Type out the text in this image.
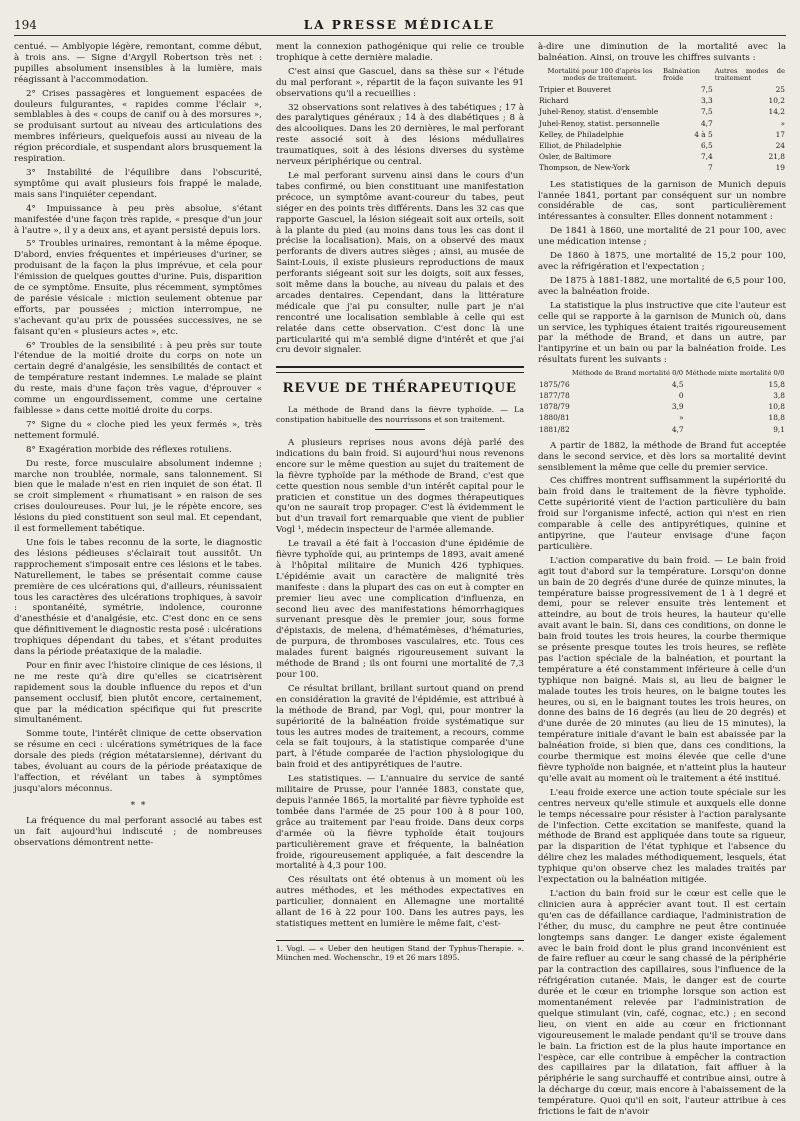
194	LA PRESSE MÉDICALE

centué. — Amblyopie légère, remontant, comme début, à trois ans. — Signe d'Argyll Robertson très net : pupilles absolument insensibles à la lumière, mais réagissant à l'accommodation.

2° Crises passagères et longuement espacées de douleurs fulgurantes, « rapides comme l'éclair », semblables à des « coups de canif ou à des morsures », se produisant surtout au niveau des articulations des membres inférieurs, quelquefois aussi au niveau de la région précordiale, et suspendant alors brusquement la respiration.

3° Instabilité de l'équilibre dans l'obscurité, symptôme qui avait plusieurs fois frappé le malade, mais sans l'inquiéter cependant.

4° Impuissance à peu près absolue, s'étant manifestée d'une façon très rapide, « presque d'un jour à l'autre », il y a deux ans, et ayant persisté depuis lors.

5° Troubles urinaires, remontant à la même époque. D'abord, envies fréquentes et impérieuses d'uriner, se produisant de la façon la plus imprévue, et cela pour l'émission de quelques gouttes d'urine. Puis, disparition de ce symptôme. Ensuite, plus récemment, symptômes de parésie vésicale : miction seulement obtenue par efforts, par poussées ; miction interrompue, ne s'achevant qu'au prix de poussées successives, ne se faisant qu'en « plusieurs actes », etc.

6° Troubles de la sensibilité : à peu près sur toute l'étendue de la moitié droite du corps on note un certain degré d'analgésie, les sensibilités de contact et de température restant indemnes. Le malade se plaint du reste, mais d'une façon très vague, d'éprouver « comme un engourdissement, comme une certaine faiblesse » dans cette moitié droite du corps.

7° Signe du « cloche pied les yeux fermés », très nettement formulé.

8° Exagération morbide des réflexes rotuliens.

Du reste, force musculaire absolument indemne ; marche non troublée, normale, sans talonnement. Si bien que le malade n'est en rien inquiet de son état. Il se croit simplement « rhumatisant » en raison de ses crises douloureuses. Pour lui, je le répète encore, ses lésions du pied constituent son seul mal. Et cependant, il est formellement tabétique.

Une fois le tabes reconnu de la sorte, le diagnostic des lésions pédieuses s'éclairait tout aussitôt. Un rapprochement s'imposait entre ces lésions et le tabes. Naturellement, le tabes se présentait comme cause première de ces ulcérations qui, d'ailleurs, réunissaient tous les caractères des ulcérations trophiques, à savoir : spontanéité, symétrie, indolence, couronne d'anesthésie et d'analgésie, etc. C'est donc en ce sens que définitivement le diagnostic resta posé : ulcérations trophiques dépendant du tabes, et s'étant produites dans la période préataxique de la maladie.

Pour en finir avec l'histoire clinique de ces lésions, il ne me reste qu'à dire qu'elles se cicatrisèrent rapidement sous la double influence du repos et d'un pansement occlusif, bien plutôt encore, certainement, que par la médication spécifique qui fut prescrite simultanément.

Somme toute, l'intérêt clinique de cette observation se résume en ceci : ulcérations symétriques de la face dorsale des pieds (région métatarsienne), dérivant du tabes, évoluant au cours de la période préataxique de l'affection, et révélant un tabes à symptômes jusqu'alors méconnus.

*  *

La fréquence du mal perforant associé au tabes est un fait aujourd'hui indiscuté ; de nombreuses observations démontrent nette-

ment la connexion pathogénique qui relie ce trouble trophique à cette dernière maladie.

C'est ainsi que Gascuel, dans sa thèse sur « l'étude du mal perforant », répartit de la façon suivante les 91 observations qu'il a recueillies :

32 observations sont relatives à des tabétiques ; 17 à des paralytiques généraux ; 14 à des diabétiques ; 8 à des alcooliques. Dans les 20 dernières, le mal perforant reste associé soit à des lésions médullaires traumatiques, soit à des lésions diverses du système nerveux périphérique ou central.

Le mal perforant survenu ainsi dans le cours d'un tabes confirmé, ou bien constituant une manifestation précoce, un symptôme avant-coureur du tabes, peut siéger en des points très différents. Dans les 32 cas que rapporte Gascuel, la lésion siégeait soit aux orteils, soit à la plante du pied (au moins dans tous les cas dont il précise la localisation). Mais, on a observé des maux perforants de divers autres sièges ; ainsi, au musée de Saint-Louis, il existe plusieurs reproductions de maux perforants siégeant soit sur les doigts, soit aux fesses, soit même dans la bouche, au niveau du palais et des arcades dentaires. Cependant, dans la littérature médicale que j'ai pu consulter, nulle part je n'ai rencontré une localisation semblable à celle qui est relatée dans cette observation. C'est donc là une particularité qui m'a semblé digne d'intérêt et que j'ai cru devoir signaler.

REVUE DE THÉRAPEUTIQUE

La méthode de Brand dans la fièvre typhoïde. — La constipation habituelle des nourrissons et son traitement.

A plusieurs reprises nous avons déjà parlé des indications du bain froid. Si aujourd'hui nous revenons encore sur le même question au sujet du traitement de la fièvre typhoïde par la méthode de Brand, c'est que cette question nous semble d'un intérêt capital pour le praticien et constitue un des dogmes thérapeutiques qu'on ne saurait trop propager. C'est là évidemment le but d'un travail fort remarquable que vient de publier Vogl ¹, médecin inspecteur de l'armée allemande.

Le travail a été fait à l'occasion d'une épidémie de fièvre typhoïde qui, au printemps de 1893, avait amené à l'hôpital militaire de Munich 426 typhiques. L'épidémie avait un caractère de malignité très manifeste : dans la plupart des cas on eut à compter en premier lieu avec une complication d'influenza, en second lieu avec des manifestations hémorrhagiques survenant presque dès le premier jour, sous forme d'épistaxis, de melena, d'hématémèses, d'hématuries, de purpura, de thromboses vasculaires, etc. Tous ces malades furent baignés rigoureusement suivant la méthode de Brand ; ils ont fourni une mortalité de 7,3 pour 100.

Ce résultat brillant, brillant surtout quand on prend en considération la gravité de l'épidémie, est attribué à la méthode de Brand, par Vogl, qui, pour montrer la supériorité de la balnéation froide systématique sur tous les autres modes de traitement, a recours, comme cela se fait toujours, à la statistique comparée d'une part, à l'étude comparée de l'action physiologique du bain froid et des antipyrétiques de l'autre.

Les statistiques. — L'annuaire du service de santé militaire de Prusse, pour l'année 1883, constate que, depuis l'année 1865, la mortalité par fièvre typhoïde est tombée dans l'armée de 25 pour 100 à 8 pour 100, grâce au traitement par l'eau froide. Dans deux corps d'armée où la fièvre typhoïde était toujours particulièrement grave et fréquente, la balnéation froide, rigoureusement appliquée, a fait descendre la mortalité à 4,3 pour 100.

Ces résultats ont été obtenus à un moment où les autres méthodes, et les méthodes expectatives en particulier, donnaient en Allemagne une mortalité allant de 16 à 22 pour 100. Dans les autres pays, les statistiques mettent en lumière le même fait, c'est-

1. Vogl. — « Ueber den heutigen Stand der Typhus-Therapie. ». München med. Wochenschr., 19 et 26 mars 1895.

à-dire une diminution de la mortalité avec la balnéation. Ainsi, on trouve les chiffres suivants :

Mortalité pour 100 d'après les modes de traitement.	Balnéation froide	Autres modes de traitement
Tripier et Bouveret	7,5	25
Richard	3,3	10,2
Juhel-Renoy, statist. d'ensemble	7,5	14,2
Juhel-Renoy, statist. personnelle	4,7	»
Kelley, de Philadelphie	4 à 5	17
Elliot, de Philadelphie	6,5	24
Osler, de Baltimore	7,4	21,8
Thompson, de New-York	7	19

Les statistiques de la garnison de Munich depuis l'année 1841, portant par conséquent sur un nombre considérable de cas, sont particulièrement intéressantes à consulter. Elles donnent notamment :

De 1841 à 1860, une mortalité de 21 pour 100, avec une médication intense ;

De 1860 à 1875, une mortalité de 15,2 pour 100, avec la réfrigération et l'expectation ;

De 1875 à 1881-1882, une mortalité de 6,5 pour 100, avec la balnéation froide.

La statistique la plus instructive que cite l'auteur est celle qui se rapporte à la garnison de Munich où, dans un service, les typhiques étaient traités rigoureusement par la méthode de Brand, et dans un autre, par l'antipyrine et un bain ou par la balnéation froide. Les résultats furent les suivants :

	Méthode de Brand mortalité 0/0	Méthode mixte mortalité 0/0
1875/76	4,5	15,8
1877/78	0	3,8
1878/79	3,9	10,8
1880/81	»	18,8
1881/82	4,7	9,1

A partir de 1882, la méthode de Brand fut acceptée dans le second service, et dès lors sa mortalité devint sensiblement la même que celle du premier service.

Ces chiffres montrent suffisamment la supériorité du bain froid dans le traitement de la fièvre typhoïde. Cette supériorité vient de l'action particulière du bain froid sur l'organisme infecté, action qui n'est en rien comparable à celle des antipyrétiques, quinine et antipyrine, que l'auteur envisage d'une façon particulière.

L'action comparative du bain froid. — Le bain froid agit tout d'abord sur la température. Lorsqu'on donne un bain de 20 degrés d'une durée de quinze minutes, la température baisse progressivement de 1 à 1 degré et demi, pour se relever ensuite très lentement et atteindre, au bout de trois heures, la hauteur qu'elle avait avant le bain. Si, dans ces conditions, on donne le bain froid toutes les trois heures, la courbe thermique se présente presque toutes les trois heures, se reflète pas l'action spéciale de la balnéation, et pourtant la température a été constamment inférieure à celle d'un typhique non baigné. Mais si, au lieu de baigner le malade toutes les trois heures, on le baigne toutes les heures, ou si, en le baignant toutes les trois heures, on donne des bains de 16 degrés (au lieu de 20 degrés) et d'une durée de 20 minutes (au lieu de 15 minutes), la température initiale d'avant le bain est abaissée par la balnéation froide, si bien que, dans ces conditions, la courbe thermique est moins élevée que celle d'une fièvre typhoïde non baignée, et n'atteint plus la hauteur qu'elle avait au moment où le traitement a été institué.

L'eau froide exerce une action toute spéciale sur les centres nerveux qu'elle stimule et auxquels elle donne le temps nécessaire pour résister à l'action paralysante de l'infection. Cette excitation se manifeste, quand la méthode de Brand est appliquée dans toute sa rigueur, par la disparition de l'état typhique et l'absence du délire chez les malades méthodiquement, lesquels, état typhique qu'on observe chez les malades traités par l'expectation ou la balnéation mitigée.

L'action du bain froid sur le cœur est celle que le clinicien aura à apprécier avant tout. Il est certain qu'en cas de défaillance cardiaque, l'administration de l'éther, du musc, du camphre ne peut être continuée longtemps sans danger. Le danger existe également avec le bain froid dont le plus grand inconvénient est de faire refluer au cœur le sang chassé de la périphérie par la contraction des capillaires, sous l'influence de la réfrigération cutanée. Mais, le danger est de courte durée et le cœur en triomphe lorsque son action est momentanément relevée par l'administration de quelque stimulant (vin, café, cognac, etc.) ; en second lieu, on vient en aide au cœur en frictionnant vigoureusement le malade pendant qu'il se trouve dans le bain. La friction est de la plus haute importance en l'espèce, car elle contribue à empêcher la contraction des capillaires par la dilatation, fait affluer à la périphérie le sang surchauffé et contribue ainsi, outre à la décharge du cœur, mais encore à l'abaissement de la température. Quoi qu'il en soit, l'auteur attribue à ces frictions le fait de n'avoir
